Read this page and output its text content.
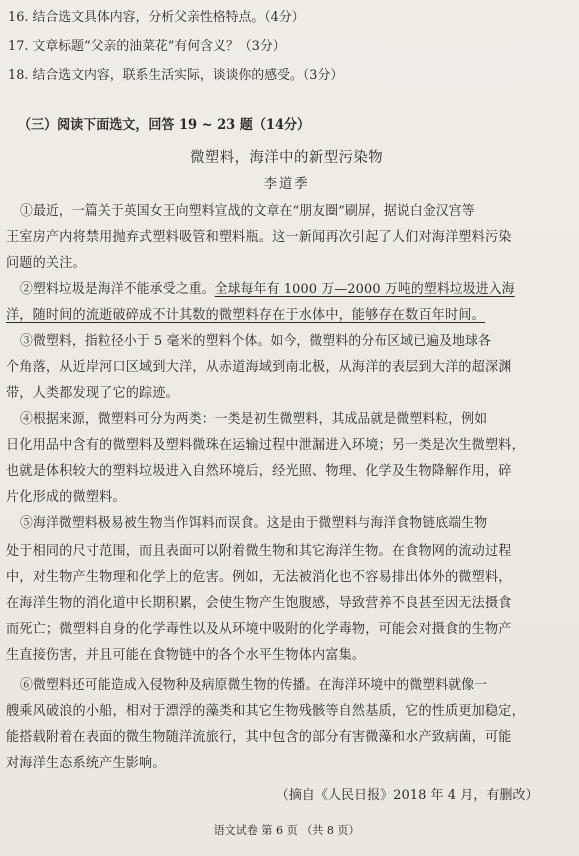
16. 结合选文具体内容，分析父亲性格特点。（4分）
17. 文章标题“父亲的油菜花”有何含义？（3分）
18. 结合选文内容，联系生活实际，谈谈你的感受。（3分）
（三）阅读下面选文，回答 19 ~ 23 题（14分）
微塑料，海洋中的新型污染物
李道季
①最近，一篇关于英国女王向塑料宣战的文章在“朋友圈”刷屏，据说白金汉宫等
王室房产内将禁用抛弃式塑料吸管和塑料瓶。这一新闻再次引起了人们对海洋塑料污染
问题的关注。
②塑料垃圾是海洋不能承受之重。全球每年有 1000 万—2000 万吨的塑料垃圾进入海
洋，随时间的流逝破碎成不计其数的微塑料存在于水体中，能够存在数百年时间。
③微塑料，指粒径小于 5 毫米的塑料个体。如今，微塑料的分布区域已遍及地球各
个角落，从近岸河口区域到大洋，从赤道海域到南北极，从海洋的表层到大洋的超深渊
带，人类都发现了它的踪迹。
④根据来源，微塑料可分为两类：一类是初生微塑料，其成品就是微塑料粒，例如
日化用品中含有的微塑料及塑料微珠在运输过程中泄漏进入环境；另一类是次生微塑料，
也就是体积较大的塑料垃圾进入自然环境后，经光照、物理、化学及生物降解作用，碎
片化形成的微塑料。
⑤海洋微塑料极易被生物当作饵料而误食。这是由于微塑料与海洋食物链底端生物
处于相同的尺寸范围，而且表面可以附着微生物和其它海洋生物。在食物网的流动过程
中，对生物产生物理和化学上的危害。例如，无法被消化也不容易排出体外的微塑料，
在海洋生物的消化道中长期积累，会使生物产生饱腹感，导致营养不良甚至因无法摄食
而死亡；微塑料自身的化学毒性以及从环境中吸附的化学毒物，可能会对摄食的生物产
生直接伤害，并且可能在食物链中的各个水平生物体内富集。
⑥微塑料还可能造成入侵物种及病原微生物的传播。在海洋环境中的微塑料就像一
艘乘风破浪的小船，相对于漂浮的藻类和其它生物残骸等自然基质，它的性质更加稳定，
能搭载附着在表面的微生物随洋流旅行，其中包含的部分有害微藻和水产致病菌，可能
对海洋生态系统产生影响。
（摘自《人民日报》2018 年 4 月，有删改）
语文试卷 第 6 页 （共 8 页）
